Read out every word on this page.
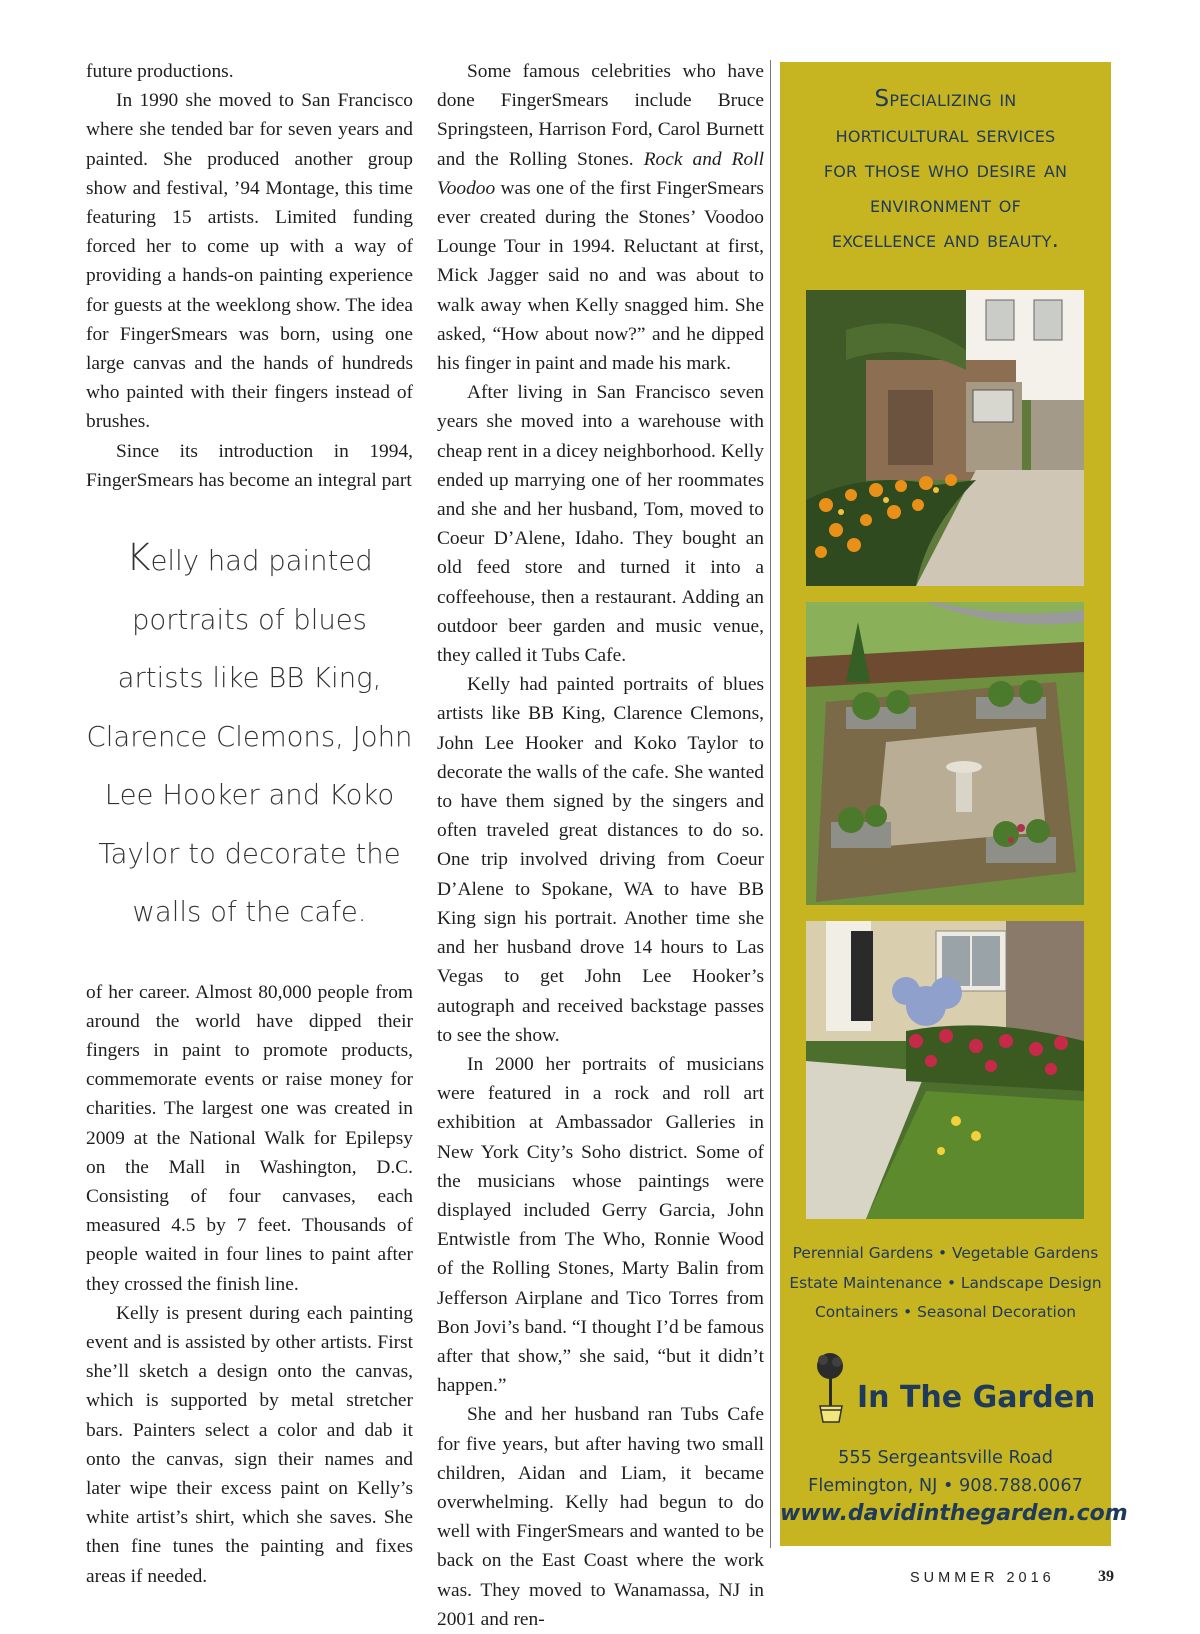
future productions.

In 1990 she moved to San Francisco where she tended bar for seven years and painted. She produced another group show and festival, ’94 Montage, this time featuring 15 artists. Limited funding forced her to come up with a way of providing a hands-on painting experience for guests at the weeklong show. The idea for FingerSmears was born, using one large canvas and the hands of hundreds who painted with their fingers instead of brushes.

Since its introduction in 1994, FingerSmears has become an integral part

Kelly had painted portraits of blues artists like BB King, Clarence Clemons, John Lee Hooker and Koko Taylor to decorate the walls of the cafe.

of her career. Almost 80,000 people from around the world have dipped their fingers in paint to promote products, commemorate events or raise money for charities. The largest one was created in 2009 at the National Walk for Epilepsy on the Mall in Washington, D.C. Consisting of four canvases, each measured 4.5 by 7 feet. Thousands of people waited in four lines to paint after they crossed the finish line.

Kelly is present during each painting event and is assisted by other artists. First she’ll sketch a design onto the canvas, which is supported by metal stretcher bars. Painters select a color and dab it onto the canvas, sign their names and later wipe their excess paint on Kelly’s white artist’s shirt, which she saves. She then fine tunes the painting and fixes areas if needed.

Some famous celebrities who have done FingerSmears include Bruce Springsteen, Harrison Ford, Carol Burnett and the Rolling Stones. Rock and Roll Voodoo was one of the first FingerSmears ever created during the Stones’ Voodoo Lounge Tour in 1994. Reluctant at first, Mick Jagger said no and was about to walk away when Kelly snagged him. She asked, “How about now?” and he dipped his finger in paint and made his mark.

After living in San Francisco seven years she moved into a warehouse with cheap rent in a dicey neighborhood. Kelly ended up marrying one of her roommates and she and her husband, Tom, moved to Coeur D’Alene, Idaho. They bought an old feed store and turned it into a coffeehouse, then a restaurant. Adding an outdoor beer garden and music venue, they called it Tubs Cafe.

Kelly had painted portraits of blues artists like BB King, Clarence Clemons, John Lee Hooker and Koko Taylor to decorate the walls of the cafe. She wanted to have them signed by the singers and often traveled great distances to do so. One trip involved driving from Coeur D’Alene to Spokane, WA to have BB King sign his portrait. Another time she and her husband drove 14 hours to Las Vegas to get John Lee Hooker’s autograph and received backstage passes to see the show.

In 2000 her portraits of musicians were featured in a rock and roll art exhibition at Ambassador Galleries in New York City’s Soho district. Some of the musicians whose paintings were displayed included Gerry Garcia, John Entwistle from The Who, Ronnie Wood of the Rolling Stones, Marty Balin from Jefferson Airplane and Tico Torres from Bon Jovi’s band. “I thought I’d be famous after that show,” she said, “but it didn’t happen.”

She and her husband ran Tubs Cafe for five years, but after having two small children, Aidan and Liam, it became overwhelming. Kelly had begun to do well with FingerSmears and wanted to be back on the East Coast where the work was. They moved to Wanamassa, NJ in 2001 and ren-

Specializing in
horticultural services
for those who desire an
environment of
excellence and beauty.
Perennial Gardens • Vegetable Gardens
Estate Maintenance • Landscape Design
Containers • Seasonal Decoration
In The Garden
555 Sergeantsville Road
Flemington, NJ • 908.788.0067
www.davidinthegarden.com
SUMMER 2016	39
